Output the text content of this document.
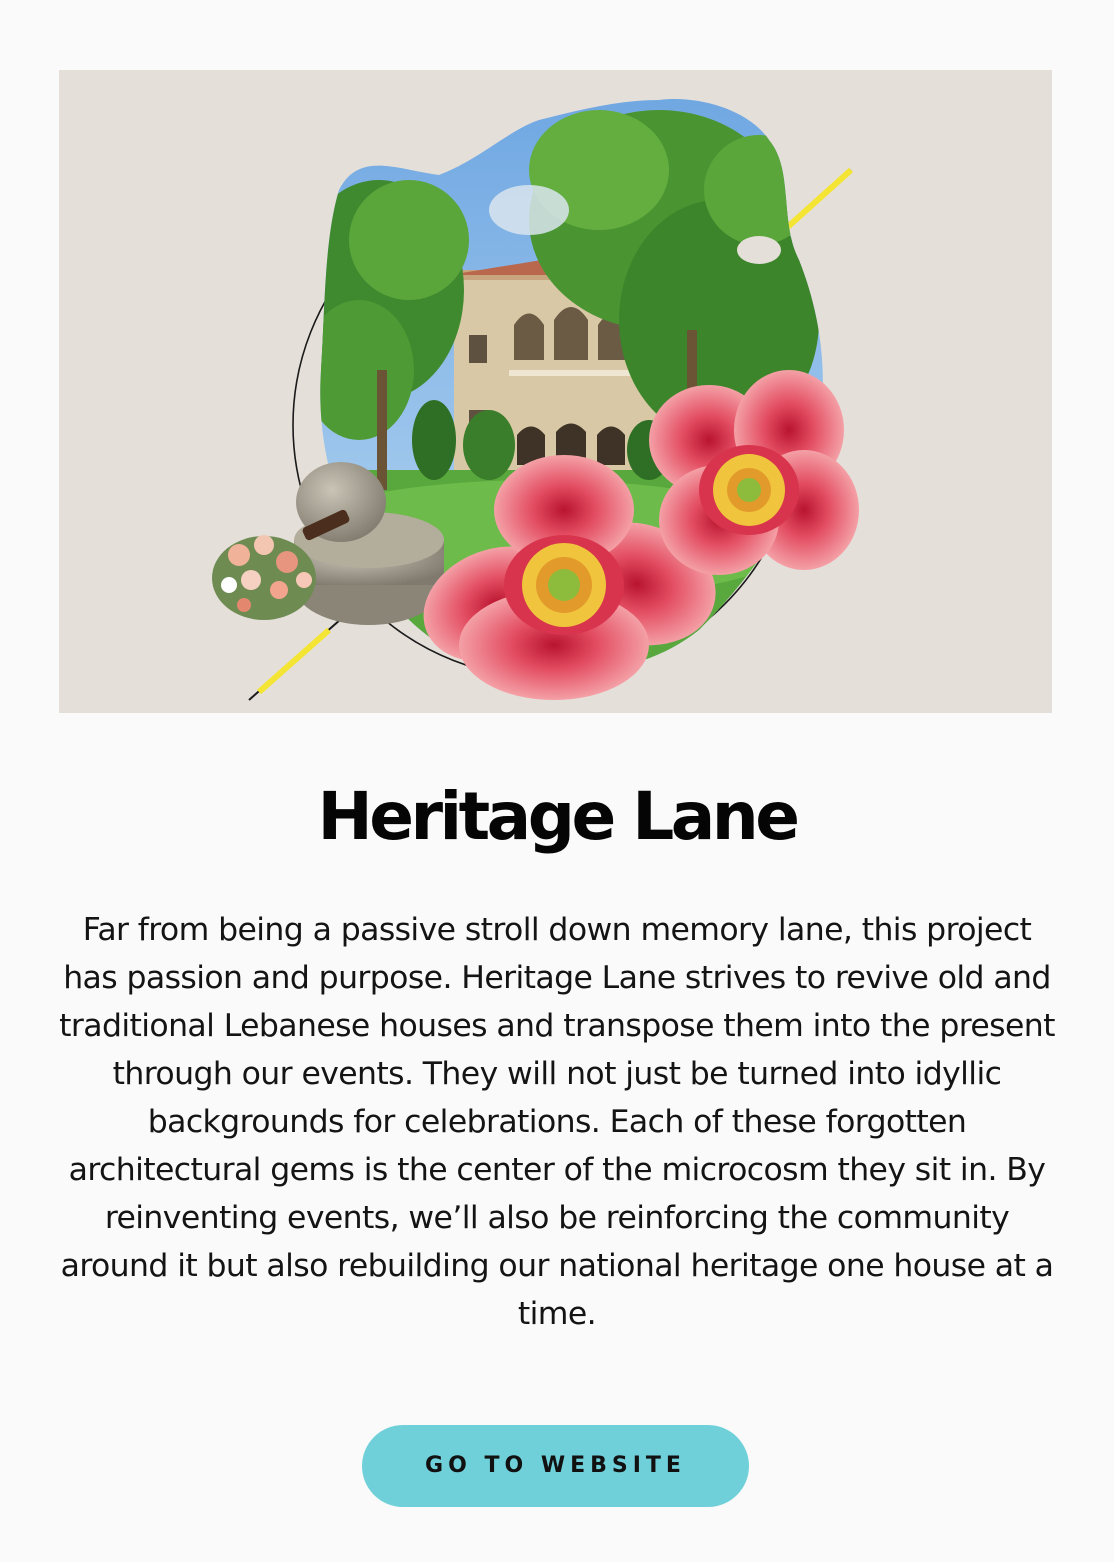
Heritage Lane

Far from being a passive stroll down memory lane, this project has passion and purpose. Heritage Lane strives to revive old and traditional Lebanese houses and transpose them into the present through our events. They will not just be turned into idyllic backgrounds for celebrations. Each of these forgotten architectural gems is the center of the microcosm they sit in. By reinventing events, we’ll also be reinforcing the community around it but also rebuilding our national heritage one house at a time.

GO TO WEBSITE
